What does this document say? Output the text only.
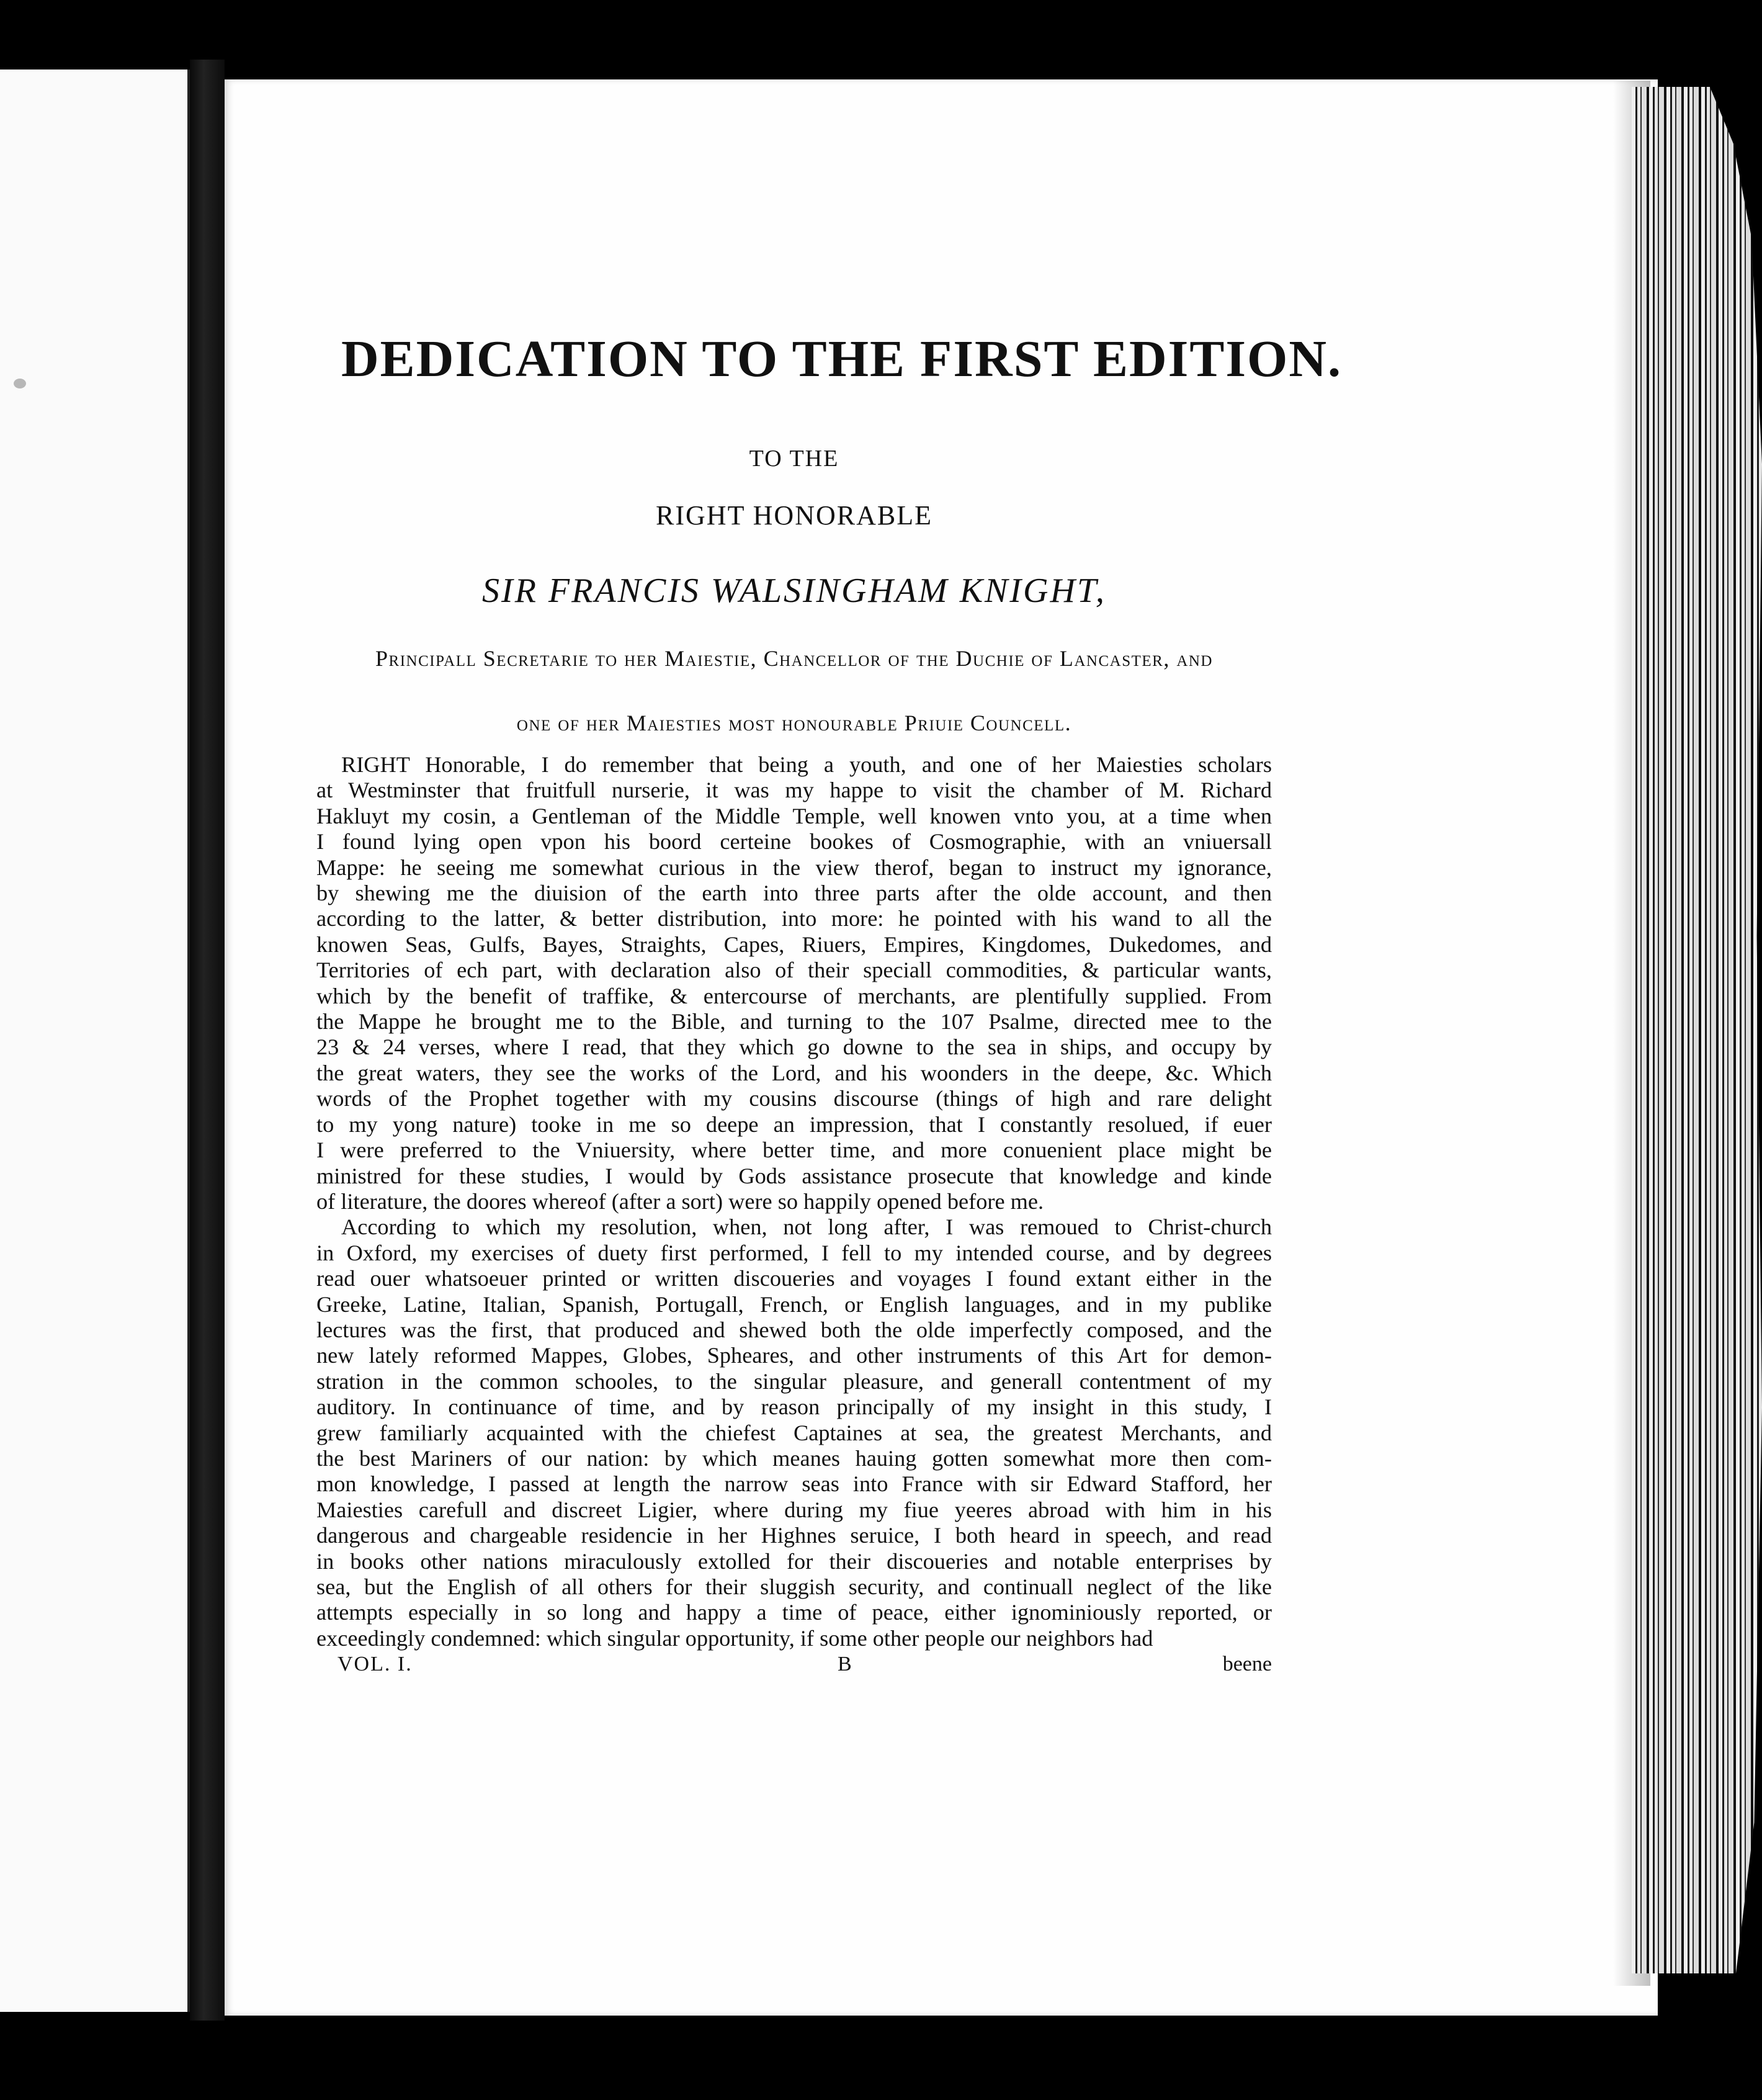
DEDICATION TO THE FIRST EDITION.
TO THE
RIGHT HONORABLE
SIR FRANCIS WALSINGHAM KNIGHT,
Principall Secretarie to her Maiestie, Chancellor of the Duchie of Lancaster, and
one of her Maiesties most honourable Priuie Councell.
RIGHT Honorable, I do remember that being a youth, and one of her Maiesties scholars
at Westminster that fruitfull nurserie, it was my happe to visit the chamber of M. Richard
Hakluyt my cosin, a Gentleman of the Middle Temple, well knowen vnto you, at a time when
I found lying open vpon his boord certeine bookes of Cosmographie, with an vniuersall
Mappe: he seeing me somewhat curious in the view therof, began to instruct my ignorance,
by shewing me the diuision of the earth into three parts after the olde account, and then
according to the latter, & better distribution, into more: he pointed with his wand to all the
knowen Seas, Gulfs, Bayes, Straights, Capes, Riuers, Empires, Kingdomes, Dukedomes, and
Territories of ech part, with declaration also of their speciall commodities, & particular wants,
which by the benefit of traffike, & entercourse of merchants, are plentifully supplied. From
the Mappe he brought me to the Bible, and turning to the 107 Psalme, directed mee to the
23 & 24 verses, where I read, that they which go downe to the sea in ships, and occupy by
the great waters, they see the works of the Lord, and his woonders in the deepe, &c. Which
words of the Prophet together with my cousins discourse (things of high and rare delight
to my yong nature) tooke in me so deepe an impression, that I constantly resolued, if euer
I were preferred to the Vniuersity, where better time, and more conuenient place might be
ministred for these studies, I would by Gods assistance prosecute that knowledge and kinde
of literature, the doores whereof (after a sort) were so happily opened before me.
According to which my resolution, when, not long after, I was remoued to Christ-church
in Oxford, my exercises of duety first performed, I fell to my intended course, and by degrees
read ouer whatsoeuer printed or written discoueries and voyages I found extant either in the
Greeke, Latine, Italian, Spanish, Portugall, French, or English languages, and in my publike
lectures was the first, that produced and shewed both the olde imperfectly composed, and the
new lately reformed Mappes, Globes, Spheares, and other instruments of this Art for demon-
stration in the common schooles, to the singular pleasure, and generall contentment of my
auditory. In continuance of time, and by reason principally of my insight in this study, I
grew familiarly acquainted with the chiefest Captaines at sea, the greatest Merchants, and
the best Mariners of our nation: by which meanes hauing gotten somewhat more then com-
mon knowledge, I passed at length the narrow seas into France with sir Edward Stafford, her
Maiesties carefull and discreet Ligier, where during my fiue yeeres abroad with him in his
dangerous and chargeable residencie in her Highnes seruice, I both heard in speech, and read
in books other nations miraculously extolled for their discoueries and notable enterprises by
sea, but the English of all others for their sluggish security, and continuall neglect of the like
attempts especially in so long and happy a time of peace, either ignominiously reported, or
exceedingly condemned: which singular opportunity, if some other people our neighbors had
VOL. I.	B	beene
